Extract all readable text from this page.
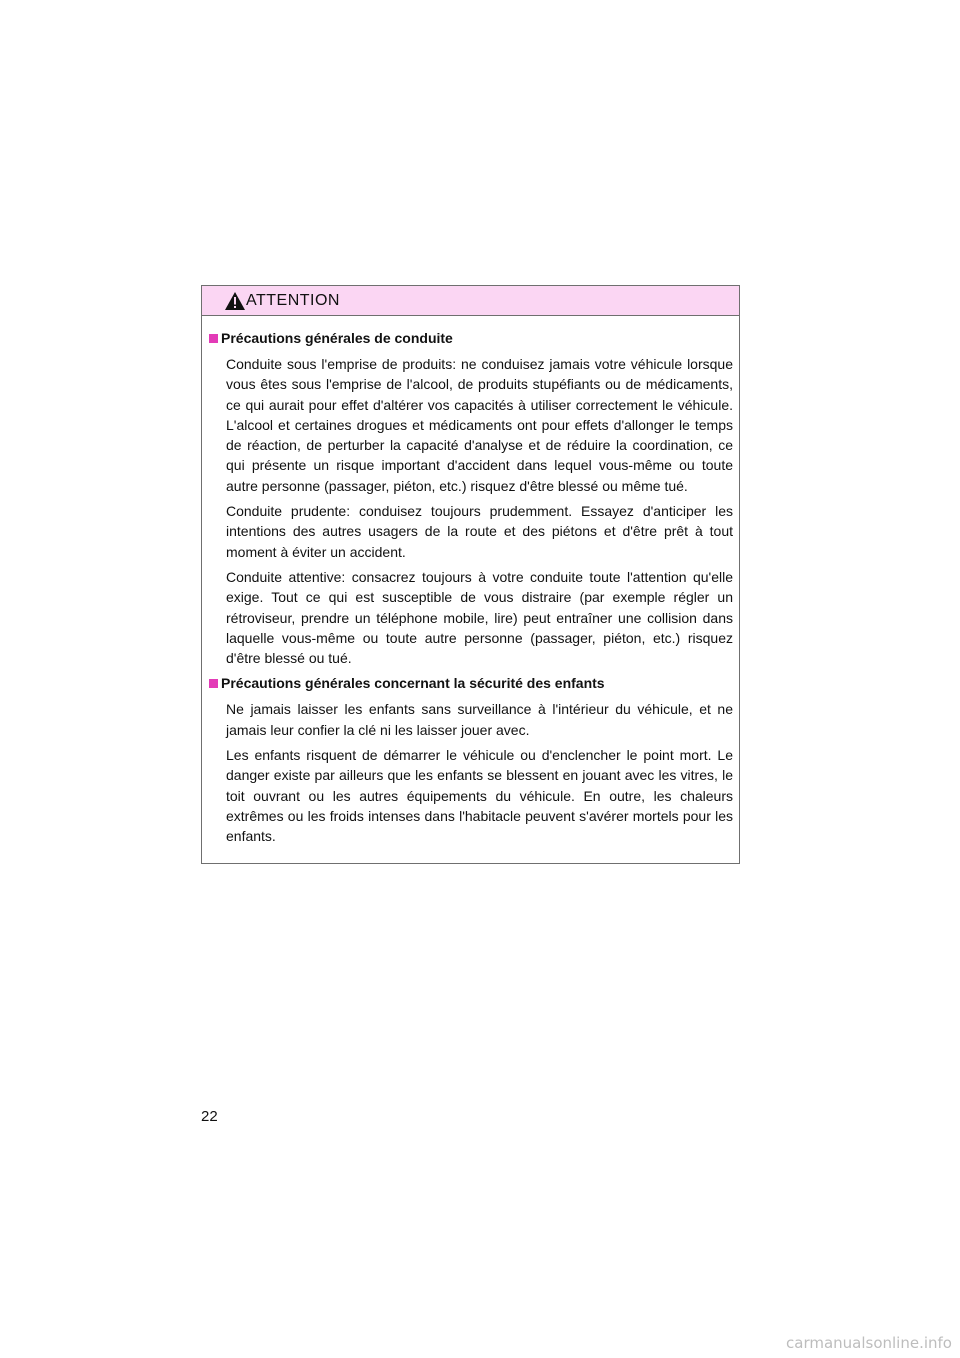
ATTENTION
Précautions générales de conduite

Conduite sous l'emprise de produits: ne conduisez jamais votre véhicule lorsque vous êtes sous l'emprise de l'alcool, de produits stupéfiants ou de médicaments, ce qui aurait pour effet d'altérer vos capacités à utiliser correctement le véhicule. L'alcool et certaines drogues et médicaments ont pour effets d'allonger le temps de réaction, de perturber la capacité d'analyse et de réduire la coordination, ce qui présente un risque important d'accident dans lequel vous-même ou toute autre personne (passager, piéton, etc.) risquez d'être blessé ou même tué.

Conduite prudente: conduisez toujours prudemment. Essayez d'anticiper les intentions des autres usagers de la route et des piétons et d'être prêt à tout moment à éviter un accident.

Conduite attentive: consacrez toujours à votre conduite toute l'attention qu'elle exige. Tout ce qui est susceptible de vous distraire (par exemple régler un rétroviseur, prendre un téléphone mobile, lire) peut entraîner une collision dans laquelle vous-même ou toute autre personne (passager, piéton, etc.) risquez d'être blessé ou tué.

Précautions générales concernant la sécurité des enfants

Ne jamais laisser les enfants sans surveillance à l'intérieur du véhicule, et ne jamais leur confier la clé ni les laisser jouer avec.

Les enfants risquent de démarrer le véhicule ou d'enclencher le point mort. Le danger existe par ailleurs que les enfants se blessent en jouant avec les vitres, le toit ouvrant ou les autres équipements du véhicule. En outre, les chaleurs extrêmes ou les froids intenses dans l'habitacle peuvent s'avérer mortels pour les enfants.

22
carmanualsonline.info
